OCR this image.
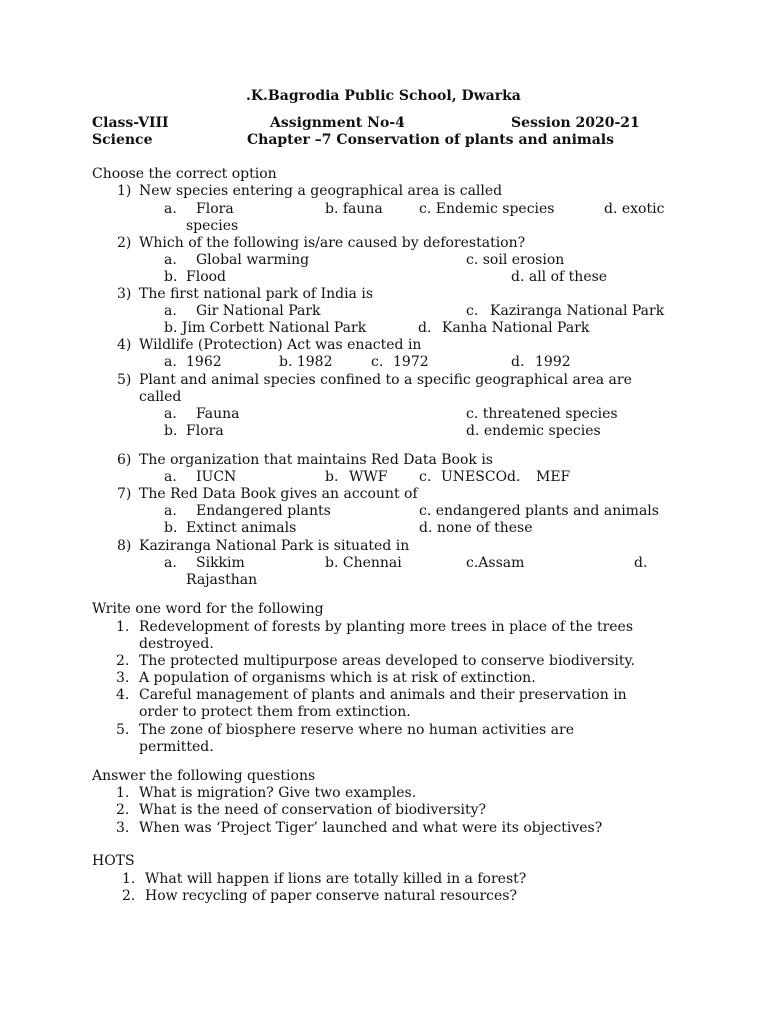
.K.Bagrodia Public School, Dwarka
Class-VIII	Assignment No-4	Session 2020-21
Science	Chapter –7 Conservation of plants and animals
Choose the correct option
1) New species entering a geographical area is called
a. Flora	b. fauna	c. Endemic species	d. exotic
species
2) Which of the following is/are caused by deforestation?
a. Global warming	c. soil erosion
b. Flood	d. all of these
3) The first national park of India is
a. Gir National Park	c. Kaziranga National Park
b. Jim Corbett National Park	d. Kanha National Park
4) Wildlife (Protection) Act was enacted in
a. 1962	b. 1982	c. 1972	d. 1992
5) Plant and animal species confined to a specific geographical area are
called
a. Fauna	c. threatened species
b. Flora	d. endemic species
6) The organization that maintains Red Data Book is
a. IUCN	b. WWF c. UNESCOd. MEF
7) The Red Data Book gives an account of
a. Endangered plants	c. endangered plants and animals
b. Extinct animals	d. none of these
8) Kaziranga National Park is situated in
a. Sikkim	b. Chennai	c.Assam	d.
Rajasthan
Write one word for the following
1. Redevelopment of forests by planting more trees in place of the trees
destroyed.
2. The protected multipurpose areas developed to conserve biodiversity.
3. A population of organisms which is at risk of extinction.
4. Careful management of plants and animals and their preservation in
order to protect them from extinction.
5. The zone of biosphere reserve where no human activities are
permitted.
Answer the following questions
1. What is migration? Give two examples.
2. What is the need of conservation of biodiversity?
3. When was ‘Project Tiger’ launched and what were its objectives?
HOTS
1. What will happen if lions are totally killed in a forest?
2. How recycling of paper conserve natural resources?
